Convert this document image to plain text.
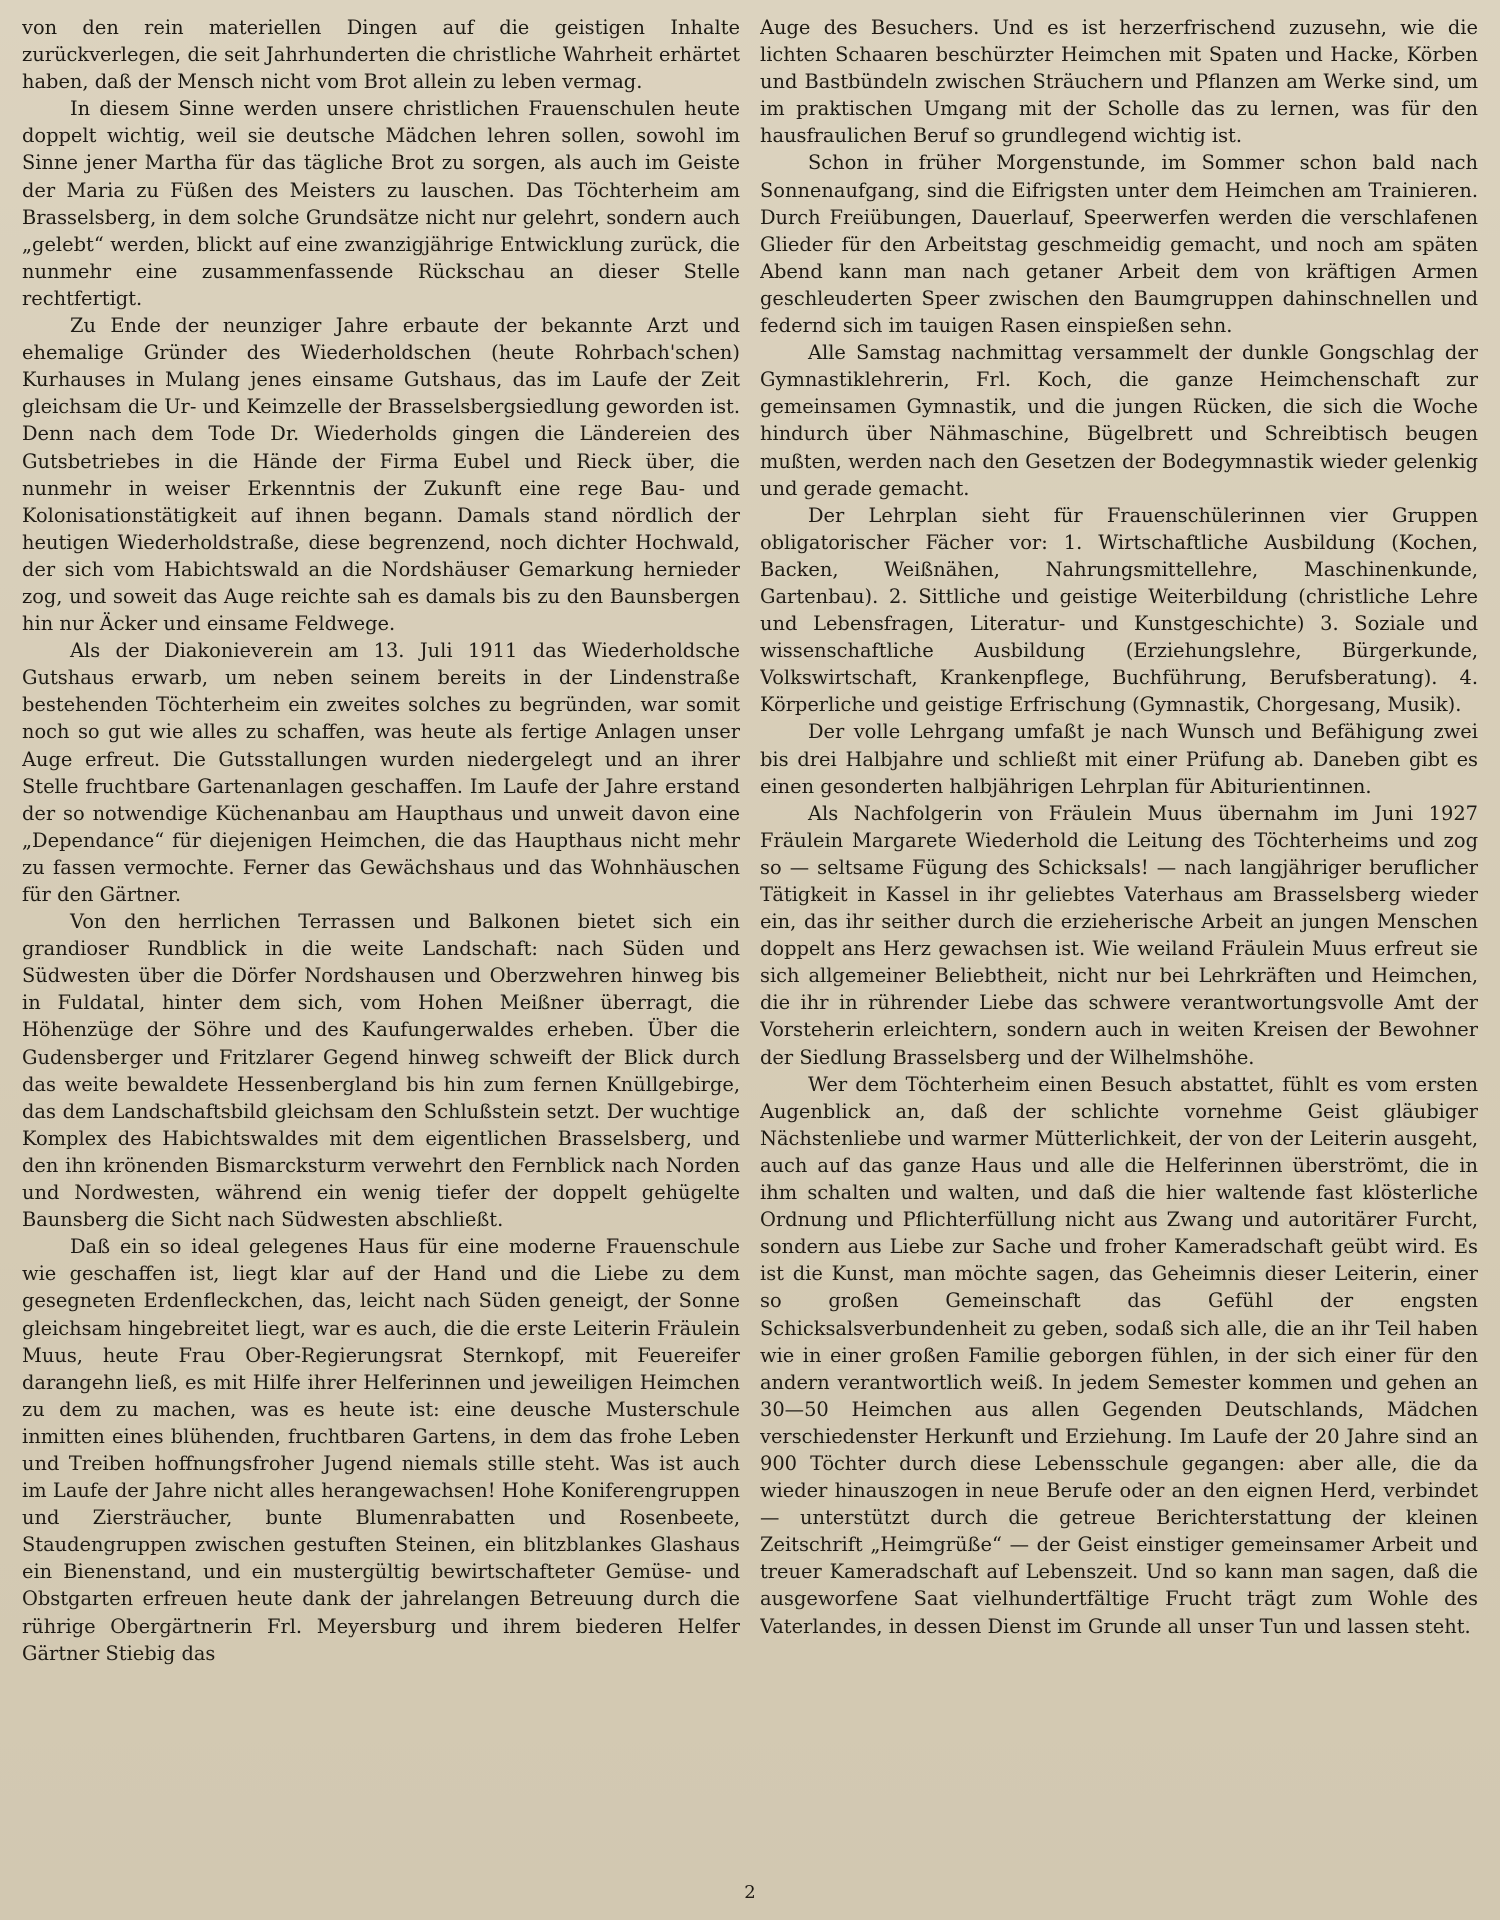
von den rein materiellen Dingen auf die geistigen Inhalte zurückverlegen, die seit Jahrhunderten die christliche Wahrheit erhärtet haben, daß der Mensch nicht vom Brot allein zu leben vermag.

In diesem Sinne werden unsere christlichen Frauenschulen heute doppelt wichtig, weil sie deutsche Mädchen lehren sollen, sowohl im Sinne jener Martha für das tägliche Brot zu sorgen, als auch im Geiste der Maria zu Füßen des Meisters zu lauschen. Das Töchterheim am Brasselsberg, in dem solche Grundsätze nicht nur gelehrt, sondern auch „gelebt“ werden, blickt auf eine zwanzigjährige Entwicklung zurück, die nunmehr eine zusammenfassende Rückschau an dieser Stelle rechtfertigt.

Zu Ende der neunziger Jahre erbaute der bekannte Arzt und ehemalige Gründer des Wiederholdschen (heute Rohrbach'schen) Kurhauses in Mulang jenes einsame Gutshaus, das im Laufe der Zeit gleichsam die Ur- und Keimzelle der Brasselsbergsiedlung geworden ist. Denn nach dem Tode Dr. Wiederholds gingen die Ländereien des Gutsbetriebes in die Hände der Firma Eubel und Rieck über, die nunmehr in weiser Erkenntnis der Zukunft eine rege Bau- und Kolonisationstätigkeit auf ihnen begann. Damals stand nördlich der heutigen Wiederholdstraße, diese begrenzend, noch dichter Hochwald, der sich vom Habichtswald an die Nordshäuser Gemarkung hernieder zog, und soweit das Auge reichte sah es damals bis zu den Baunsbergen hin nur Äcker und einsame Feldwege.

Als der Diakonieverein am 13. Juli 1911 das Wiederholdsche Gutshaus erwarb, um neben seinem bereits in der Lindenstraße bestehenden Töchterheim ein zweites solches zu begründen, war somit noch so gut wie alles zu schaffen, was heute als fertige Anlagen unser Auge erfreut. Die Gutsstallungen wurden niedergelegt und an ihrer Stelle fruchtbare Gartenanlagen geschaffen. Im Laufe der Jahre erstand der so notwendige Küchenanbau am Haupthaus und unweit davon eine „Dependance“ für diejenigen Heimchen, die das Haupthaus nicht mehr zu fassen vermochte. Ferner das Gewächshaus und das Wohnhäuschen für den Gärtner.

Von den herrlichen Terrassen und Balkonen bietet sich ein grandioser Rundblick in die weite Landschaft: nach Süden und Südwesten über die Dörfer Nordshausen und Oberzwehren hinweg bis in Fuldatal, hinter dem sich, vom Hohen Meißner überragt, die Höhenzüge der Söhre und des Kaufungerwaldes erheben. Über die Gudensberger und Fritzlarer Gegend hinweg schweift der Blick durch das weite bewaldete Hessenbergland bis hin zum fernen Knüllgebirge, das dem Landschaftsbild gleichsam den Schlußstein setzt. Der wuchtige Komplex des Habichtswaldes mit dem eigentlichen Brasselsberg, und den ihn krönenden Bismarcksturm verwehrt den Fernblick nach Norden und Nordwesten, während ein wenig tiefer der doppelt gehügelte Baunsberg die Sicht nach Südwesten abschließt.

Daß ein so ideal gelegenes Haus für eine moderne Frauenschule wie geschaffen ist, liegt klar auf der Hand und die Liebe zu dem gesegneten Erdenfleckchen, das, leicht nach Süden geneigt, der Sonne gleichsam hingebreitet liegt, war es auch, die die erste Leiterin Fräulein Muus, heute Frau Ober-Regierungsrat Sternkopf, mit Feuereifer darangehn ließ, es mit Hilfe ihrer Helferinnen und jeweiligen Heimchen zu dem zu machen, was es heute ist: eine deusche Musterschule inmitten eines blühenden, fruchtbaren Gartens, in dem das frohe Leben und Treiben hoffnungsfroher Jugend niemals stille steht. Was ist auch im Laufe der Jahre nicht alles herangewachsen! Hohe Koniferengruppen und Ziersträucher, bunte Blumenrabatten und Rosenbeete, Staudengruppen zwischen gestuften Steinen, ein blitzblankes Glashaus ein Bienenstand, und ein mustergültig bewirtschafteter Gemüse- und Obstgarten erfreuen heute dank der jahrelangen Betreuung durch die rührige Obergärtnerin Frl. Meyersburg und ihrem biederen Helfer Gärtner Stiebig das

Auge des Besuchers. Und es ist herzerfrischend zuzusehn, wie die lichten Schaaren beschürzter Heimchen mit Spaten und Hacke, Körben und Bastbündeln zwischen Sträuchern und Pflanzen am Werke sind, um im praktischen Umgang mit der Scholle das zu lernen, was für den hausfraulichen Beruf so grundlegend wichtig ist.

Schon in früher Morgenstunde, im Sommer schon bald nach Sonnenaufgang, sind die Eifrigsten unter dem Heimchen am Trainieren. Durch Freiübungen, Dauerlauf, Speerwerfen werden die verschlafenen Glieder für den Arbeitstag geschmeidig gemacht, und noch am späten Abend kann man nach getaner Arbeit dem von kräftigen Armen geschleuderten Speer zwischen den Baumgruppen dahinschnellen und federnd sich im tauigen Rasen einspießen sehn.

Alle Samstag nachmittag versammelt der dunkle Gongschlag der Gymnastiklehrerin, Frl. Koch, die ganze Heimchenschaft zur gemeinsamen Gymnastik, und die jungen Rücken, die sich die Woche hindurch über Nähmaschine, Bügelbrett und Schreibtisch beugen mußten, werden nach den Gesetzen der Bodegymnastik wieder gelenkig und gerade gemacht.

Der Lehrplan sieht für Frauenschülerinnen vier Gruppen obligatorischer Fächer vor: 1. Wirtschaftliche Ausbildung (Kochen, Backen, Weißnähen, Nahrungsmittellehre, Maschinenkunde, Gartenbau). 2. Sittliche und geistige Weiterbildung (christliche Lehre und Lebensfragen, Literatur- und Kunstgeschichte) 3. Soziale und wissenschaftliche Ausbildung (Erziehungslehre, Bürgerkunde, Volkswirtschaft, Krankenpflege, Buchführung, Berufsberatung). 4. Körperliche und geistige Erfrischung (Gymnastik, Chorgesang, Musik).

Der volle Lehrgang umfaßt je nach Wunsch und Befähigung zwei bis drei Halbjahre und schließt mit einer Prüfung ab. Daneben gibt es einen gesonderten halbjährigen Lehrplan für Abiturientinnen.

Als Nachfolgerin von Fräulein Muus übernahm im Juni 1927 Fräulein Margarete Wiederhold die Leitung des Töchterheims und zog so — seltsame Fügung des Schicksals! — nach langjähriger beruflicher Tätigkeit in Kassel in ihr geliebtes Vaterhaus am Brasselsberg wieder ein, das ihr seither durch die erzieherische Arbeit an jungen Menschen doppelt ans Herz gewachsen ist. Wie weiland Fräulein Muus erfreut sie sich allgemeiner Beliebtheit, nicht nur bei Lehrkräften und Heimchen, die ihr in rührender Liebe das schwere verantwortungsvolle Amt der Vorsteherin erleichtern, sondern auch in weiten Kreisen der Bewohner der Siedlung Brasselsberg und der Wilhelmshöhe.

Wer dem Töchterheim einen Besuch abstattet, fühlt es vom ersten Augenblick an, daß der schlichte vornehme Geist gläubiger Nächstenliebe und warmer Mütterlichkeit, der von der Leiterin ausgeht, auch auf das ganze Haus und alle die Helferinnen überströmt, die in ihm schalten und walten, und daß die hier waltende fast klösterliche Ordnung und Pflichterfüllung nicht aus Zwang und autoritärer Furcht, sondern aus Liebe zur Sache und froher Kameradschaft geübt wird. Es ist die Kunst, man möchte sagen, das Geheimnis dieser Leiterin, einer so großen Gemeinschaft das Gefühl der engsten Schicksalsverbundenheit zu geben, sodaß sich alle, die an ihr Teil haben wie in einer großen Familie geborgen fühlen, in der sich einer für den andern verantwortlich weiß. In jedem Semester kommen und gehen an 30—50 Heimchen aus allen Gegenden Deutschlands, Mädchen verschiedenster Herkunft und Erziehung. Im Laufe der 20 Jahre sind an 900 Töchter durch diese Lebensschule gegangen: aber alle, die da wieder hinauszogen in neue Berufe oder an den eignen Herd, verbindet — unterstützt durch die getreue Berichterstattung der kleinen Zeitschrift „Heimgrüße“ — der Geist einstiger gemeinsamer Arbeit und treuer Kameradschaft auf Lebenszeit. Und so kann man sagen, daß die ausgeworfene Saat vielhundertfältige Frucht trägt zum Wohle des Vaterlandes, in dessen Dienst im Grunde all unser Tun und lassen steht.

2
